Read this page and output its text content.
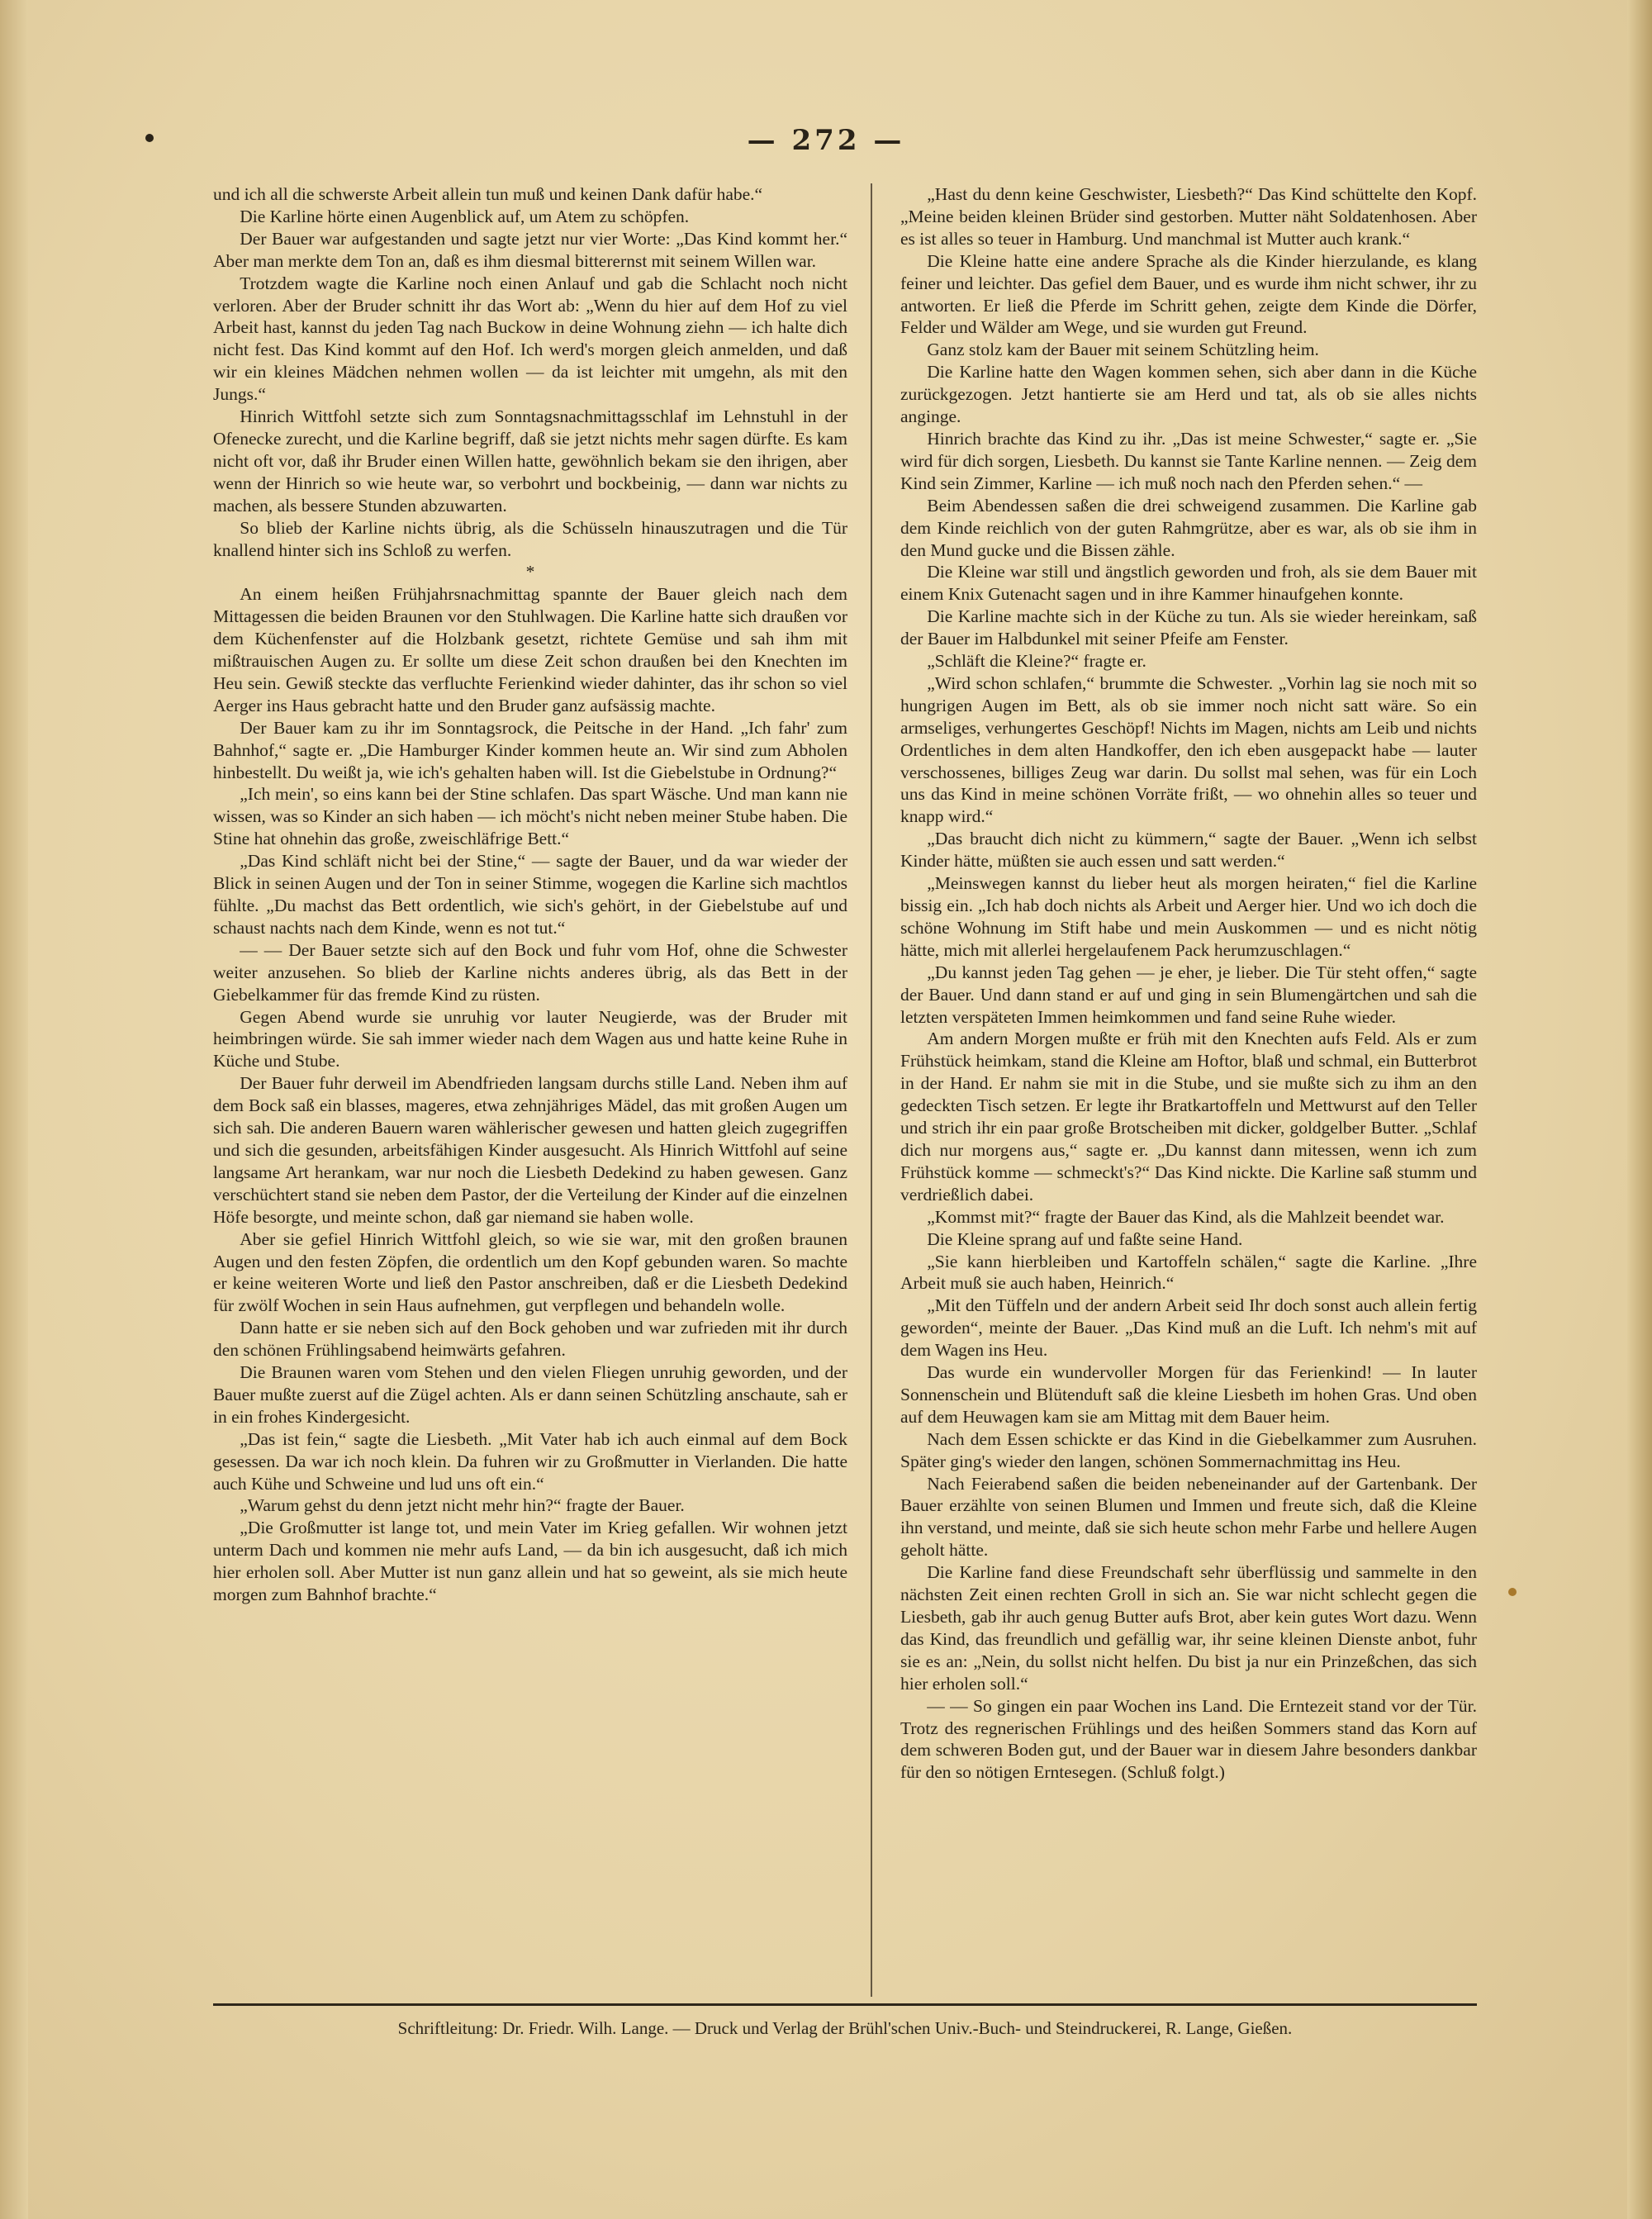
— 272 —

und ich all die schwerste Arbeit allein tun muß und keinen Dank dafür habe.“

Die Karline hörte einen Augenblick auf, um Atem zu schöpfen.

Der Bauer war aufgestanden und sagte jetzt nur vier Worte: „Das Kind kommt her.“ Aber man merkte dem Ton an, daß es ihm diesmal bitterernst mit seinem Willen war.

Trotzdem wagte die Karline noch einen Anlauf und gab die Schlacht noch nicht verloren. Aber der Bruder schnitt ihr das Wort ab: „Wenn du hier auf dem Hof zu viel Arbeit hast, kannst du jeden Tag nach Buckow in deine Wohnung ziehn — ich halte dich nicht fest. Das Kind kommt auf den Hof. Ich werd's morgen gleich anmelden, und daß wir ein kleines Mädchen nehmen wollen — da ist leichter mit umgehn, als mit den Jungs.“

Hinrich Wittfohl setzte sich zum Sonntagsnachmittagsschlaf im Lehnstuhl in der Ofenecke zurecht, und die Karline begriff, daß sie jetzt nichts mehr sagen dürfte. Es kam nicht oft vor, daß ihr Bruder einen Willen hatte, gewöhnlich bekam sie den ihrigen, aber wenn der Hinrich so wie heute war, so verbohrt und bockbeinig, — dann war nichts zu machen, als bessere Stunden abzuwarten.

So blieb der Karline nichts übrig, als die Schüsseln hinauszutragen und die Tür knallend hinter sich ins Schloß zu werfen.

*

An einem heißen Frühjahrsnachmittag spannte der Bauer gleich nach dem Mittagessen die beiden Braunen vor den Stuhlwagen. Die Karline hatte sich draußen vor dem Küchenfenster auf die Holzbank gesetzt, richtete Gemüse und sah ihm mit mißtrauischen Augen zu. Er sollte um diese Zeit schon draußen bei den Knechten im Heu sein. Gewiß steckte das verfluchte Ferienkind wieder dahinter, das ihr schon so viel Aerger ins Haus gebracht hatte und den Bruder ganz aufsässig machte.

Der Bauer kam zu ihr im Sonntagsrock, die Peitsche in der Hand. „Ich fahr' zum Bahnhof,“ sagte er. „Die Hamburger Kinder kommen heute an. Wir sind zum Abholen hinbestellt. Du weißt ja, wie ich's gehalten haben will. Ist die Giebelstube in Ordnung?“

„Ich mein', so eins kann bei der Stine schlafen. Das spart Wäsche. Und man kann nie wissen, was so Kinder an sich haben — ich möcht's nicht neben meiner Stube haben. Die Stine hat ohnehin das große, zweischläfrige Bett.“

„Das Kind schläft nicht bei der Stine,“ — sagte der Bauer, und da war wieder der Blick in seinen Augen und der Ton in seiner Stimme, wogegen die Karline sich machtlos fühlte. „Du machst das Bett ordentlich, wie sich's gehört, in der Giebelstube auf und schaust nachts nach dem Kinde, wenn es not tut.“

— — Der Bauer setzte sich auf den Bock und fuhr vom Hof, ohne die Schwester weiter anzusehen. So blieb der Karline nichts anderes übrig, als das Bett in der Giebelkammer für das fremde Kind zu rüsten.

Gegen Abend wurde sie unruhig vor lauter Neugierde, was der Bruder mit heimbringen würde. Sie sah immer wieder nach dem Wagen aus und hatte keine Ruhe in Küche und Stube.

Der Bauer fuhr derweil im Abendfrieden langsam durchs stille Land. Neben ihm auf dem Bock saß ein blasses, mageres, etwa zehnjähriges Mädel, das mit großen Augen um sich sah. Die anderen Bauern waren wählerischer gewesen und hatten gleich zugegriffen und sich die gesunden, arbeitsfähigen Kinder ausgesucht. Als Hinrich Wittfohl auf seine langsame Art herankam, war nur noch die Liesbeth Dedekind zu haben gewesen. Ganz verschüchtert stand sie neben dem Pastor, der die Verteilung der Kinder auf die einzelnen Höfe besorgte, und meinte schon, daß gar niemand sie haben wolle.

Aber sie gefiel Hinrich Wittfohl gleich, so wie sie war, mit den großen braunen Augen und den festen Zöpfen, die ordentlich um den Kopf gebunden waren. So machte er keine weiteren Worte und ließ den Pastor anschreiben, daß er die Liesbeth Dedekind für zwölf Wochen in sein Haus aufnehmen, gut verpflegen und behandeln wolle.

Dann hatte er sie neben sich auf den Bock gehoben und war zufrieden mit ihr durch den schönen Frühlingsabend heimwärts gefahren.

Die Braunen waren vom Stehen und den vielen Fliegen unruhig geworden, und der Bauer mußte zuerst auf die Zügel achten. Als er dann seinen Schützling anschaute, sah er in ein frohes Kindergesicht.

„Das ist fein,“ sagte die Liesbeth. „Mit Vater hab ich auch einmal auf dem Bock gesessen. Da war ich noch klein. Da fuhren wir zu Großmutter in Vierlanden. Die hatte auch Kühe und Schweine und lud uns oft ein.“

„Warum gehst du denn jetzt nicht mehr hin?“ fragte der Bauer.

„Die Großmutter ist lange tot, und mein Vater im Krieg gefallen. Wir wohnen jetzt unterm Dach und kommen nie mehr aufs Land, — da bin ich ausgesucht, daß ich mich hier erholen soll. Aber Mutter ist nun ganz allein und hat so geweint, als sie mich heute morgen zum Bahnhof brachte.“

„Hast du denn keine Geschwister, Liesbeth?“ Das Kind schüttelte den Kopf. „Meine beiden kleinen Brüder sind gestorben. Mutter näht Soldatenhosen. Aber es ist alles so teuer in Hamburg. Und manchmal ist Mutter auch krank.“

Die Kleine hatte eine andere Sprache als die Kinder hierzulande, es klang feiner und leichter. Das gefiel dem Bauer, und es wurde ihm nicht schwer, ihr zu antworten. Er ließ die Pferde im Schritt gehen, zeigte dem Kinde die Dörfer, Felder und Wälder am Wege, und sie wurden gut Freund.

Ganz stolz kam der Bauer mit seinem Schützling heim.

Die Karline hatte den Wagen kommen sehen, sich aber dann in die Küche zurückgezogen. Jetzt hantierte sie am Herd und tat, als ob sie alles nichts anginge.

Hinrich brachte das Kind zu ihr. „Das ist meine Schwester,“ sagte er. „Sie wird für dich sorgen, Liesbeth. Du kannst sie Tante Karline nennen. — Zeig dem Kind sein Zimmer, Karline — ich muß noch nach den Pferden sehen.“ —

Beim Abendessen saßen die drei schweigend zusammen. Die Karline gab dem Kinde reichlich von der guten Rahmgrütze, aber es war, als ob sie ihm in den Mund gucke und die Bissen zähle.

Die Kleine war still und ängstlich geworden und froh, als sie dem Bauer mit einem Knix Gutenacht sagen und in ihre Kammer hinaufgehen konnte.

Die Karline machte sich in der Küche zu tun. Als sie wieder hereinkam, saß der Bauer im Halbdunkel mit seiner Pfeife am Fenster.

„Schläft die Kleine?“ fragte er.

„Wird schon schlafen,“ brummte die Schwester. „Vorhin lag sie noch mit so hungrigen Augen im Bett, als ob sie immer noch nicht satt wäre. So ein armseliges, verhungertes Geschöpf! Nichts im Magen, nichts am Leib und nichts Ordentliches in dem alten Handkoffer, den ich eben ausgepackt habe — lauter verschossenes, billiges Zeug war darin. Du sollst mal sehen, was für ein Loch uns das Kind in meine schönen Vorräte frißt, — wo ohnehin alles so teuer und knapp wird.“

„Das braucht dich nicht zu kümmern,“ sagte der Bauer. „Wenn ich selbst Kinder hätte, müßten sie auch essen und satt werden.“

„Meinswegen kannst du lieber heut als morgen heiraten,“ fiel die Karline bissig ein. „Ich hab doch nichts als Arbeit und Aerger hier. Und wo ich doch die schöne Wohnung im Stift habe und mein Auskommen — und es nicht nötig hätte, mich mit allerlei hergelaufenem Pack herumzuschlagen.“

„Du kannst jeden Tag gehen — je eher, je lieber. Die Tür steht offen,“ sagte der Bauer. Und dann stand er auf und ging in sein Blumengärtchen und sah die letzten verspäteten Immen heimkommen und fand seine Ruhe wieder.

Am andern Morgen mußte er früh mit den Knechten aufs Feld. Als er zum Frühstück heimkam, stand die Kleine am Hoftor, blaß und schmal, ein Butterbrot in der Hand. Er nahm sie mit in die Stube, und sie mußte sich zu ihm an den gedeckten Tisch setzen. Er legte ihr Bratkartoffeln und Mettwurst auf den Teller und strich ihr ein paar große Brotscheiben mit dicker, goldgelber Butter. „Schlaf dich nur morgens aus,“ sagte er. „Du kannst dann mitessen, wenn ich zum Frühstück komme — schmeckt's?“ Das Kind nickte. Die Karline saß stumm und verdrießlich dabei.

„Kommst mit?“ fragte der Bauer das Kind, als die Mahlzeit beendet war.

Die Kleine sprang auf und faßte seine Hand.

„Sie kann hierbleiben und Kartoffeln schälen,“ sagte die Karline. „Ihre Arbeit muß sie auch haben, Heinrich.“

„Mit den Tüffeln und der andern Arbeit seid Ihr doch sonst auch allein fertig geworden“, meinte der Bauer. „Das Kind muß an die Luft. Ich nehm's mit auf dem Wagen ins Heu.

Das wurde ein wundervoller Morgen für das Ferienkind! — In lauter Sonnenschein und Blütenduft saß die kleine Liesbeth im hohen Gras. Und oben auf dem Heuwagen kam sie am Mittag mit dem Bauer heim.

Nach dem Essen schickte er das Kind in die Giebelkammer zum Ausruhen. Später ging's wieder den langen, schönen Sommernachmittag ins Heu.

Nach Feierabend saßen die beiden nebeneinander auf der Gartenbank. Der Bauer erzählte von seinen Blumen und Immen und freute sich, daß die Kleine ihn verstand, und meinte, daß sie sich heute schon mehr Farbe und hellere Augen geholt hätte.

Die Karline fand diese Freundschaft sehr überflüssig und sammelte in den nächsten Zeit einen rechten Groll in sich an. Sie war nicht schlecht gegen die Liesbeth, gab ihr auch genug Butter aufs Brot, aber kein gutes Wort dazu. Wenn das Kind, das freundlich und gefällig war, ihr seine kleinen Dienste anbot, fuhr sie es an: „Nein, du sollst nicht helfen. Du bist ja nur ein Prinzeßchen, das sich hier erholen soll.“

— — So gingen ein paar Wochen ins Land. Die Erntezeit stand vor der Tür. Trotz des regnerischen Frühlings und des heißen Sommers stand das Korn auf dem schweren Boden gut, und der Bauer war in diesem Jahre besonders dankbar für den so nötigen Erntesegen. (Schluß folgt.)

Schriftleitung: Dr. Friedr. Wilh. Lange. — Druck und Verlag der Brühl'schen Univ.-Buch- und Steindruckerei, R. Lange, Gießen.
